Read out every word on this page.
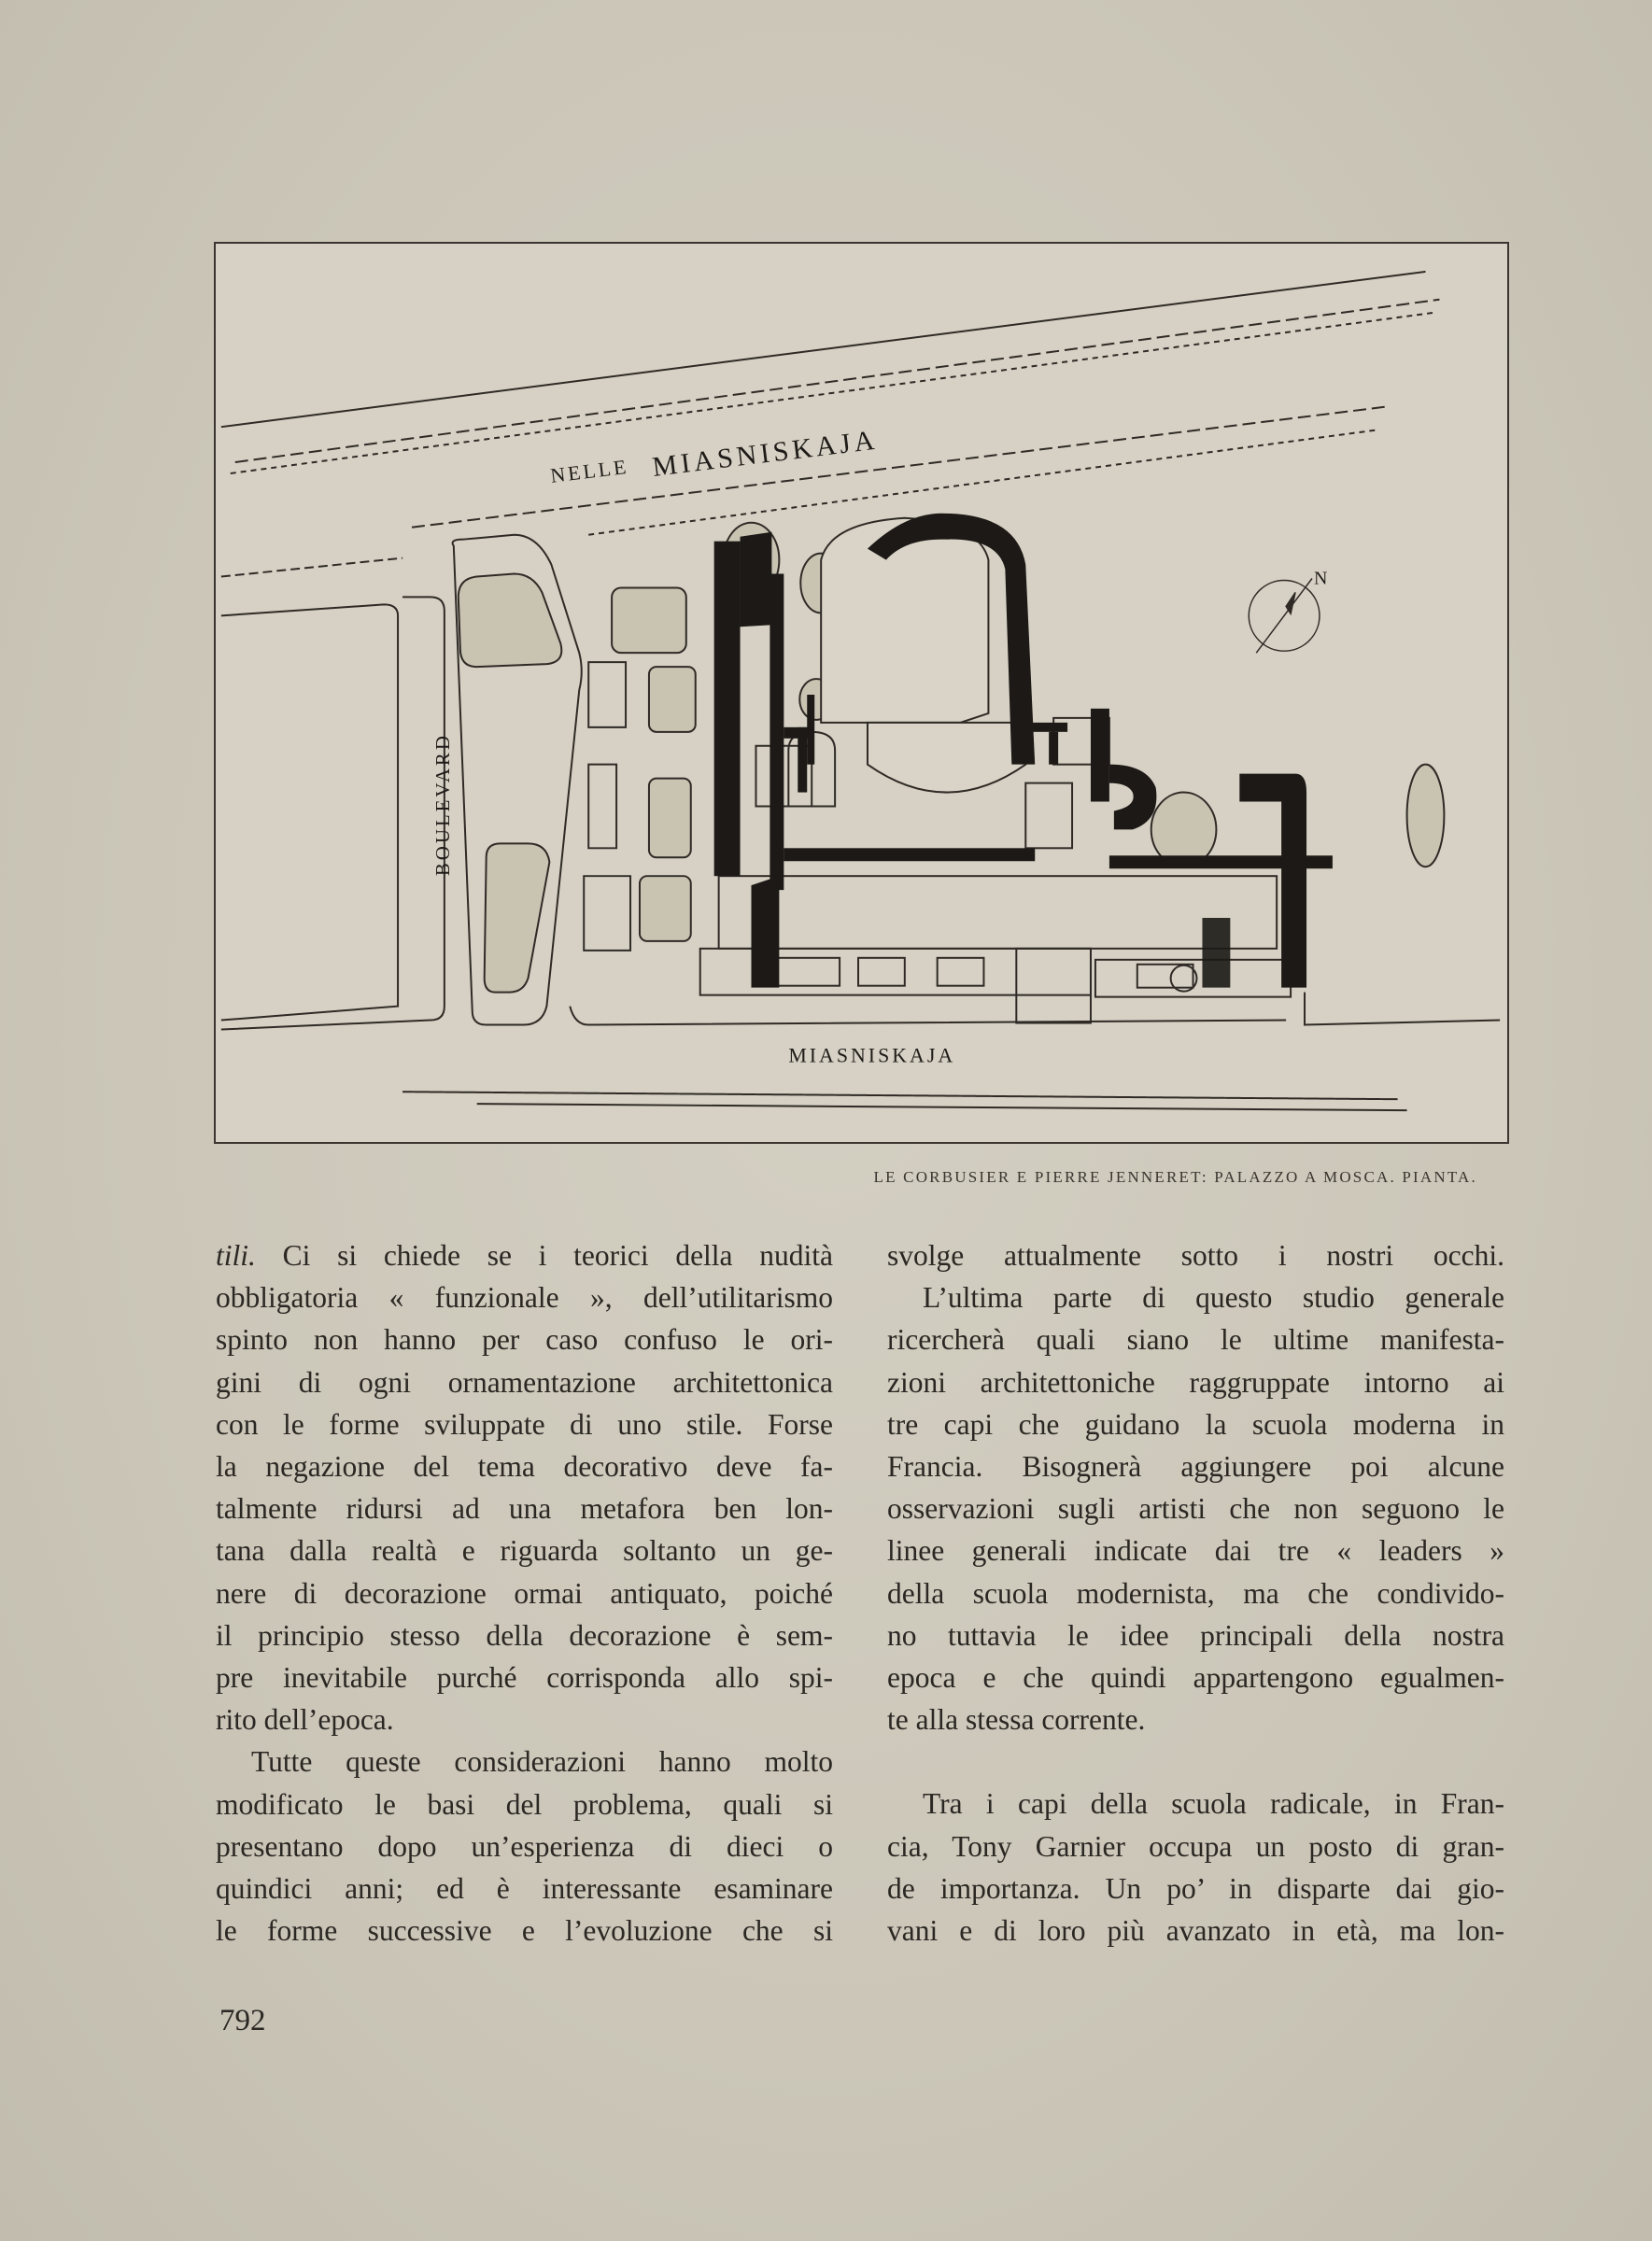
N
NELLE MIASNISKAJA
MIASNISKAJA
BOULEVARD
LE CORBUSIER E PIERRE JENNERET: PALAZZO A MOSCA. PIANTA.
tili. Ci si chiede se i teorici della nudità
obbligatoria « funzionale », dell’utilitarismo
spinto non hanno per caso confuso le ori-
gini di ogni ornamentazione architettonica
con le forme sviluppate di uno stile. Forse
la negazione del tema decorativo deve fa-
talmente ridursi ad una metafora ben lon-
tana dalla realtà e riguarda soltanto un ge-
nere di decorazione ormai antiquato, poiché
il principio stesso della decorazione è sem-
pre inevitabile purché corrisponda allo spi-
rito dell’epoca.
Tutte queste considerazioni hanno molto
modificato le basi del problema, quali si
presentano dopo un’esperienza di dieci o
quindici anni; ed è interessante esaminare
le forme successive e l’evoluzione che si
svolge attualmente sotto i nostri occhi.
L’ultima parte di questo studio generale
ricercherà quali siano le ultime manifesta-
zioni architettoniche raggruppate intorno ai
tre capi che guidano la scuola moderna in
Francia. Bisognerà aggiungere poi alcune
osservazioni sugli artisti che non seguono le
linee generali indicate dai tre « leaders »
della scuola modernista, ma che condivido-
no tuttavia le idee principali della nostra
epoca e che quindi appartengono egualmen-
te alla stessa corrente.
Tra i capi della scuola radicale, in Fran-
cia, Tony Garnier occupa un posto di gran-
de importanza. Un po’ in disparte dai gio-
vani e di loro più avanzato in età, ma lon-
792
